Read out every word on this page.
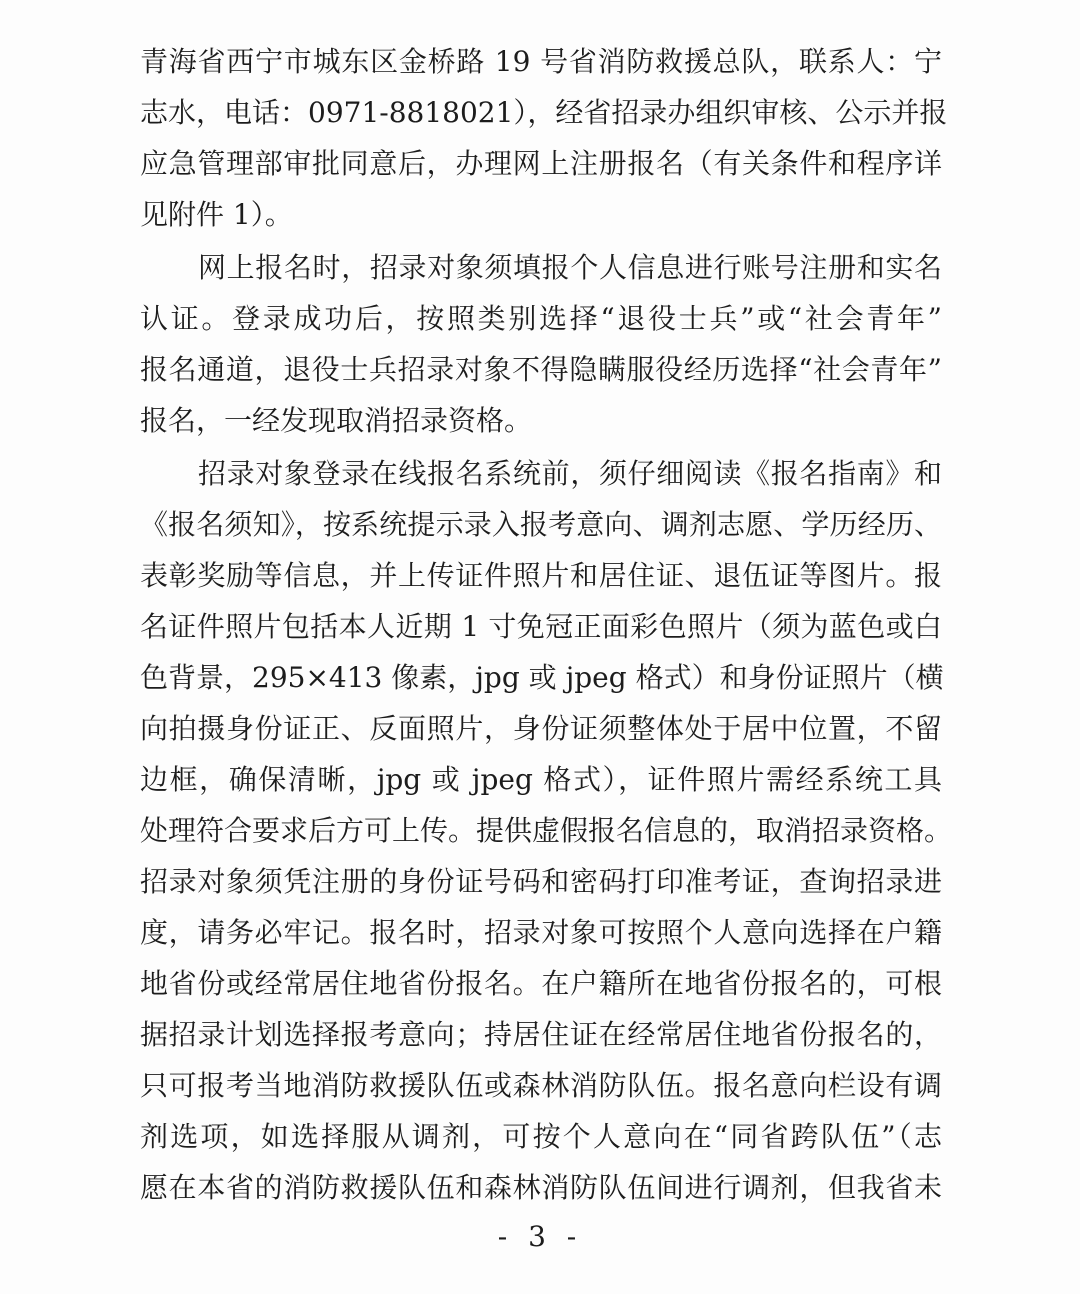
青海省西宁市城东区金桥路 19 号省消防救援总队，联系人：宁
志水，电话：0971-8818021），经省招录办组织审核、公示并报
应急管理部审批同意后，办理网上注册报名（有关条件和程序详
见附件 1）。
网上报名时，招录对象须填报个人信息进行账号注册和实名
认证。登录成功后，按照类别选择“退役士兵”或“社会青年”
报名通道，退役士兵招录对象不得隐瞒服役经历选择“社会青年”
报名，一经发现取消招录资格。
招录对象登录在线报名系统前，须仔细阅读《报名指南》和
《报名须知》，按系统提示录入报考意向、调剂志愿、学历经历、
表彰奖励等信息，并上传证件照片和居住证、退伍证等图片。报
名证件照片包括本人近期 1 寸免冠正面彩色照片（须为蓝色或白
色背景，295×413 像素，jpg 或 jpeg 格式）和身份证照片（横
向拍摄身份证正、反面照片，身份证须整体处于居中位置，不留
边框，确保清晰，jpg 或 jpeg 格式），证件照片需经系统工具
处理符合要求后方可上传。提供虚假报名信息的，取消招录资格。
招录对象须凭注册的身份证号码和密码打印准考证，查询招录进
度，请务必牢记。报名时，招录对象可按照个人意向选择在户籍
地省份或经常居住地省份报名。在户籍所在地省份报名的，可根
据招录计划选择报考意向；持居住证在经常居住地省份报名的，
只可报考当地消防救援队伍或森林消防队伍。报名意向栏设有调
剂选项，如选择服从调剂，可按个人意向在“同省跨队伍”（志
愿在本省的消防救援队伍和森林消防队伍间进行调剂，但我省未
- 3 -
